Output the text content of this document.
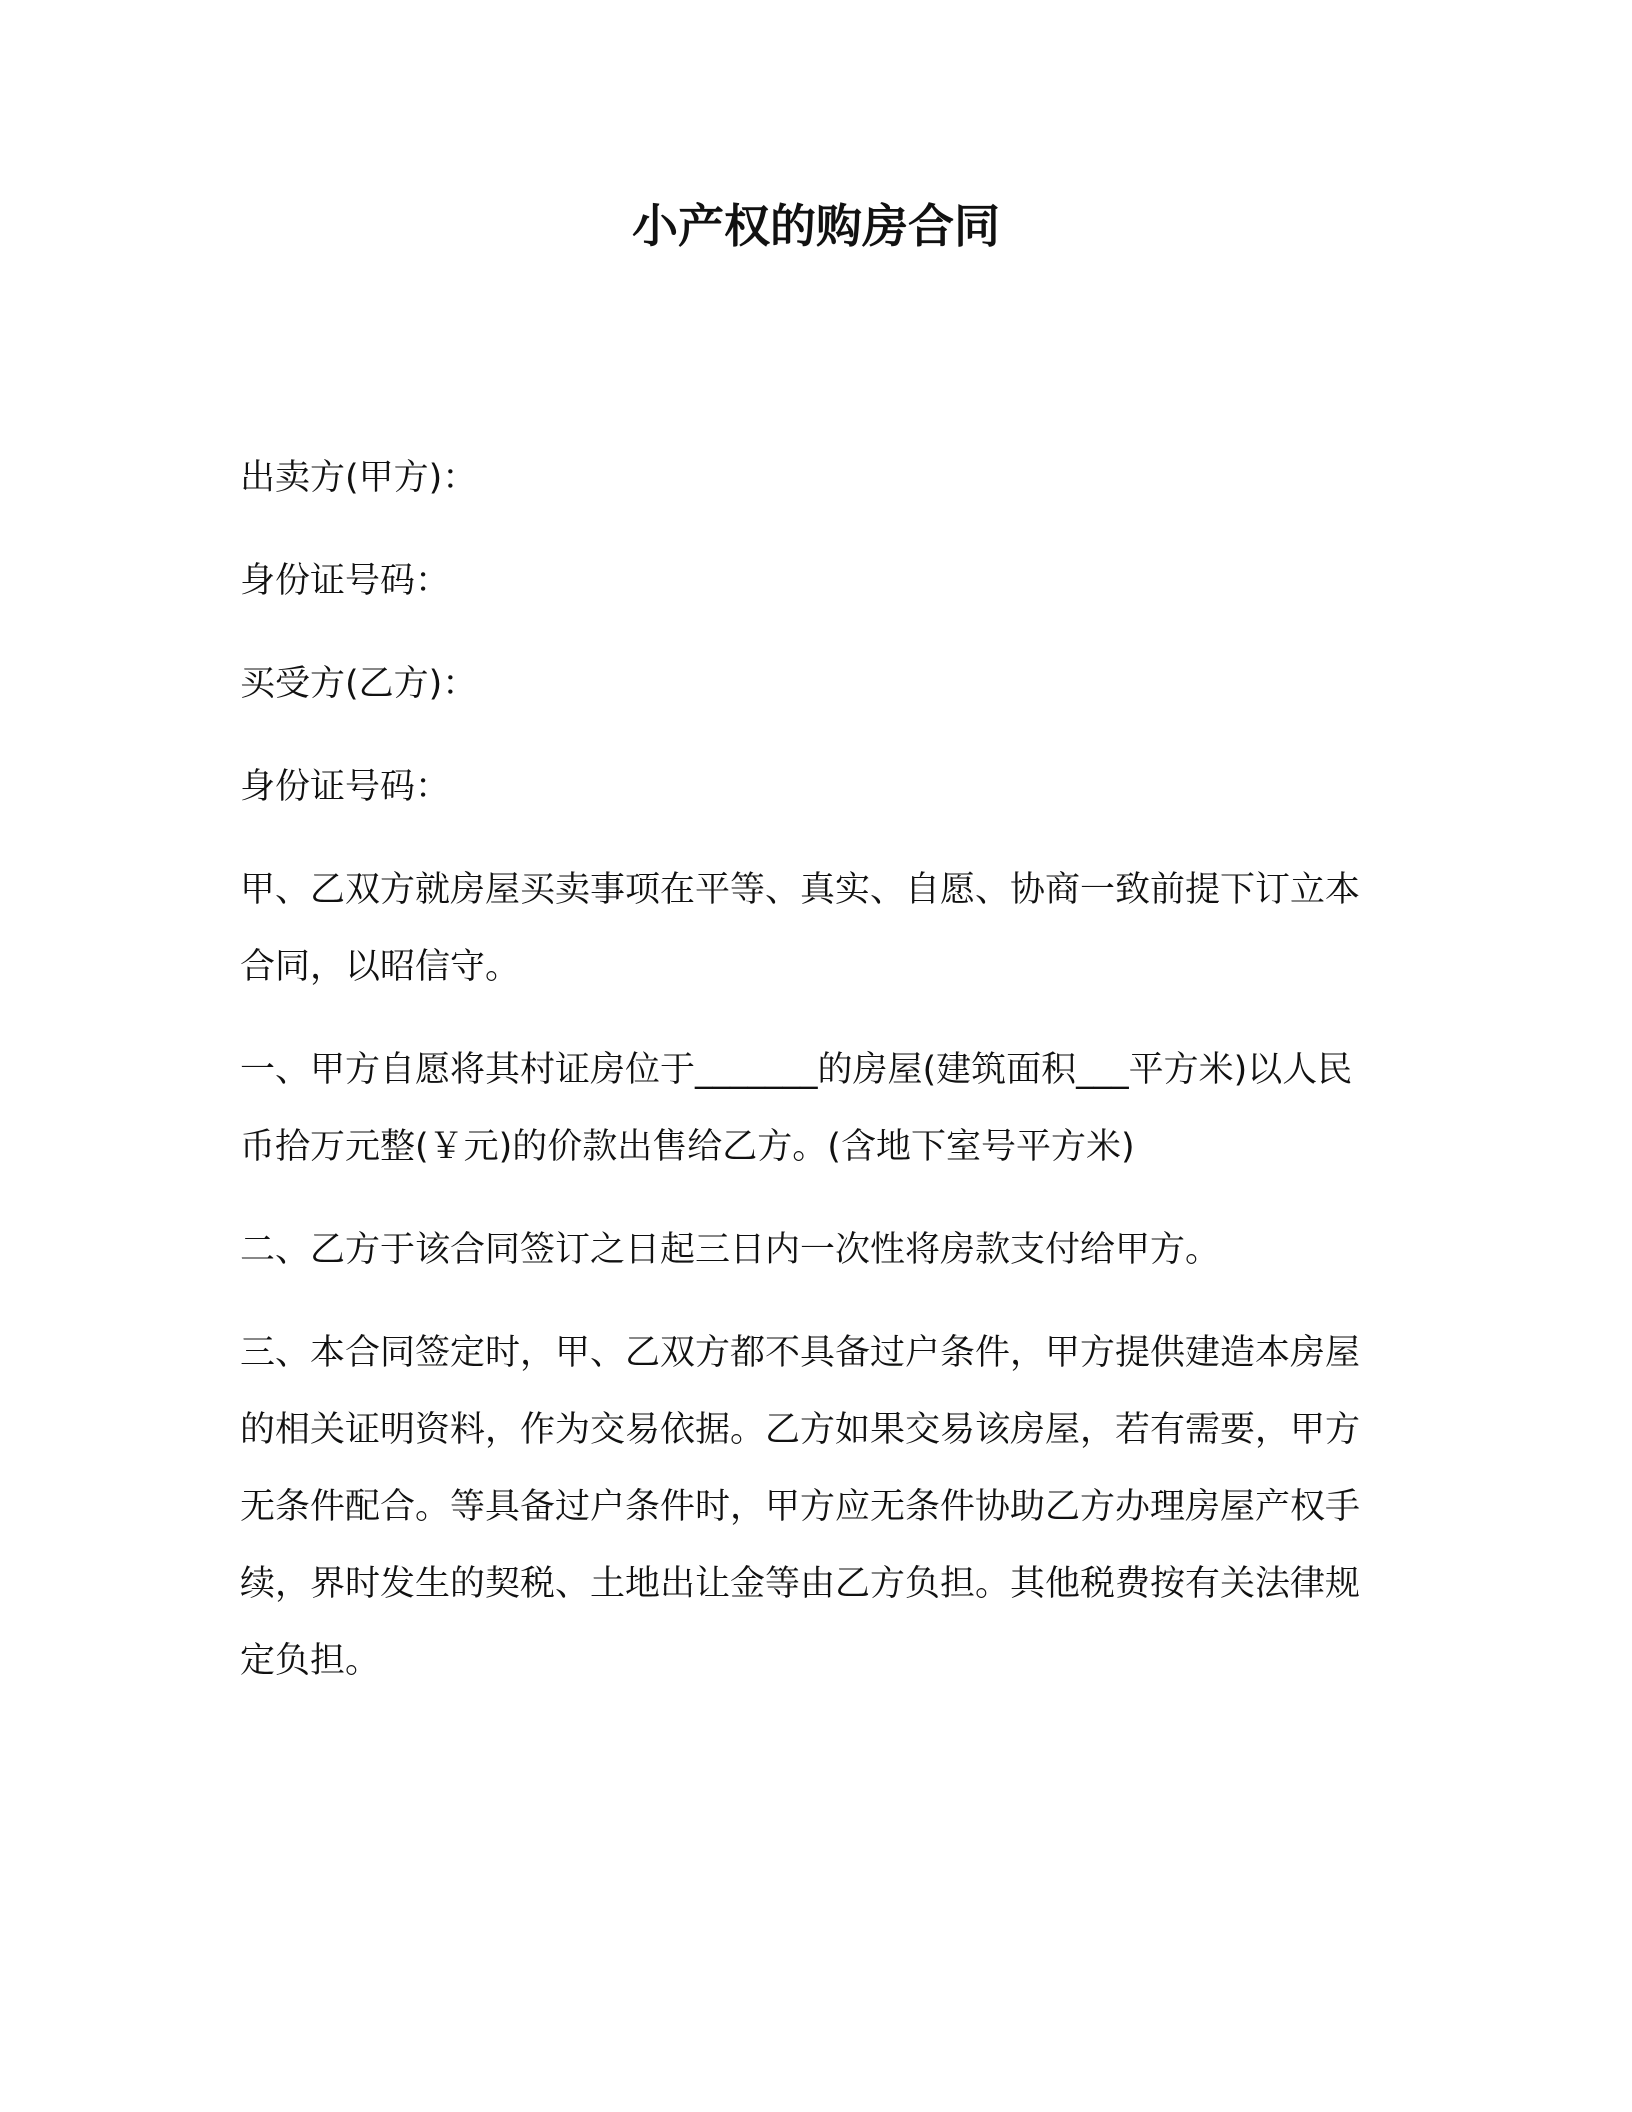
小产权的购房合同

出卖方(甲方)：

身份证号码：

买受方(乙方)：

身份证号码：

甲、乙双方就房屋买卖事项在平等、真实、自愿、协商一致前提下订立本合同，以昭信守。

一、甲方自愿将其村证房位于_______的房屋(建筑面积___平方米)以人民币拾万元整(￥元)的价款出售给乙方。(含地下室号平方米)

二、乙方于该合同签订之日起三日内一次性将房款支付给甲方。

三、本合同签定时，甲、乙双方都不具备过户条件，甲方提供建造本房屋的相关证明资料，作为交易依据。乙方如果交易该房屋，若有需要，甲方无条件配合。等具备过户条件时，甲方应无条件协助乙方办理房屋产权手续，界时发生的契税、土地出让金等由乙方负担。其他税费按有关法律规定负担。
